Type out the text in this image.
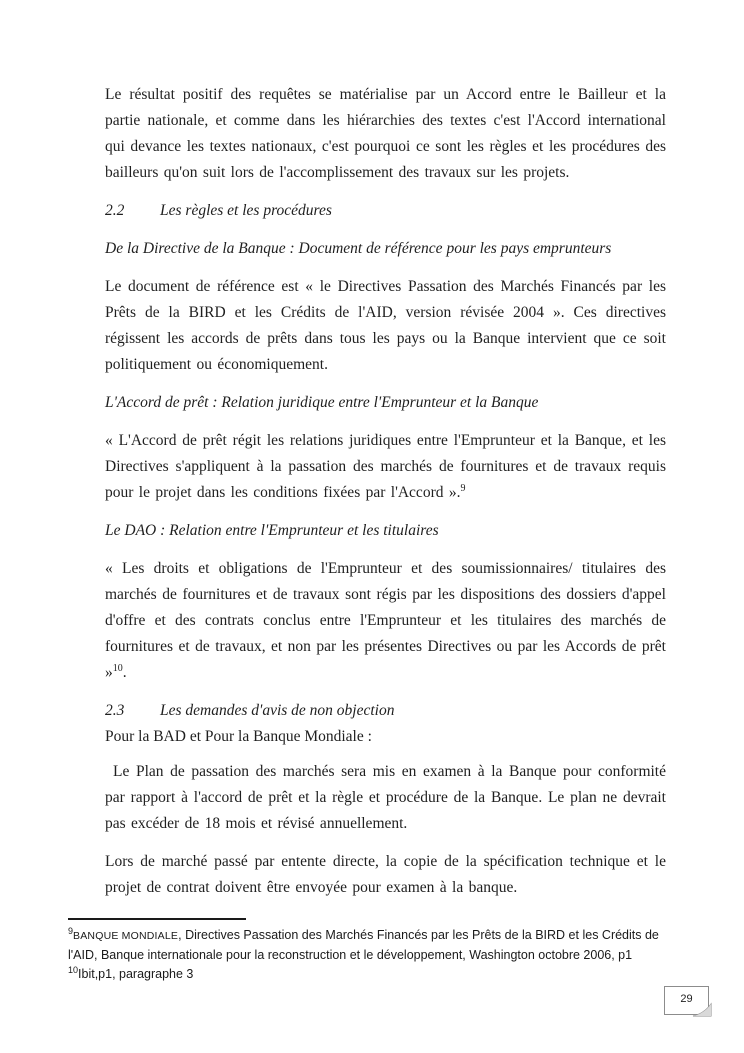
Le résultat positif des requêtes se matérialise par un Accord entre le Bailleur et la partie nationale, et comme dans les hiérarchies des textes c'est l'Accord international qui devance les textes nationaux, c'est pourquoi ce sont les règles et les procédures des bailleurs qu'on suit lors de l'accomplissement des travaux sur les projets.

2.2 Les règles et les procédures

De la Directive de la Banque : Document de référence pour les pays emprunteurs

Le document de référence est « le Directives Passation des Marchés Financés par les Prêts de la BIRD et les Crédits de l'AID, version révisée 2004 ». Ces directives régissent les accords de prêts dans tous les pays ou la Banque intervient que ce soit politiquement ou économiquement.

L'Accord de prêt : Relation juridique entre l'Emprunteur et la Banque

« L'Accord de prêt régit les relations juridiques entre l'Emprunteur et la Banque, et les Directives s'appliquent à la passation des marchés de fournitures et de travaux requis pour le projet dans les conditions fixées par l'Accord ».$^9$

Le DAO : Relation entre l'Emprunteur et les titulaires

« Les droits et obligations de l'Emprunteur et des soumissionnaires/ titulaires des marchés de fournitures et de travaux sont régis par les dispositions des dossiers d'appel d'offre et des contrats conclus entre l'Emprunteur et les titulaires des marchés de fournitures et de travaux, et non par les présentes Directives ou par les Accords de prêt »$^{10}$.

2.3 Les demandes d'avis de non objection

Pour la BAD et Pour la Banque Mondiale :

Le Plan de passation des marchés sera mis en examen à la Banque pour conformité par rapport à l'accord de prêt et la règle et procédure de la Banque. Le plan ne devrait pas excéder de 18 mois et révisé annuellement.

Lors de marché passé par entente directe, la copie de la spécification technique et le projet de contrat doivent être envoyée pour examen à la banque.

$^9$BANQUE MONDIALE, Directives Passation des Marchés Financés par les Prêts de la BIRD et les Crédits de l'AID, Banque internationale pour la reconstruction et le développement, Washington octobre 2006, p1

$^{10}$Ibit,p1, paragraphe 3

29
